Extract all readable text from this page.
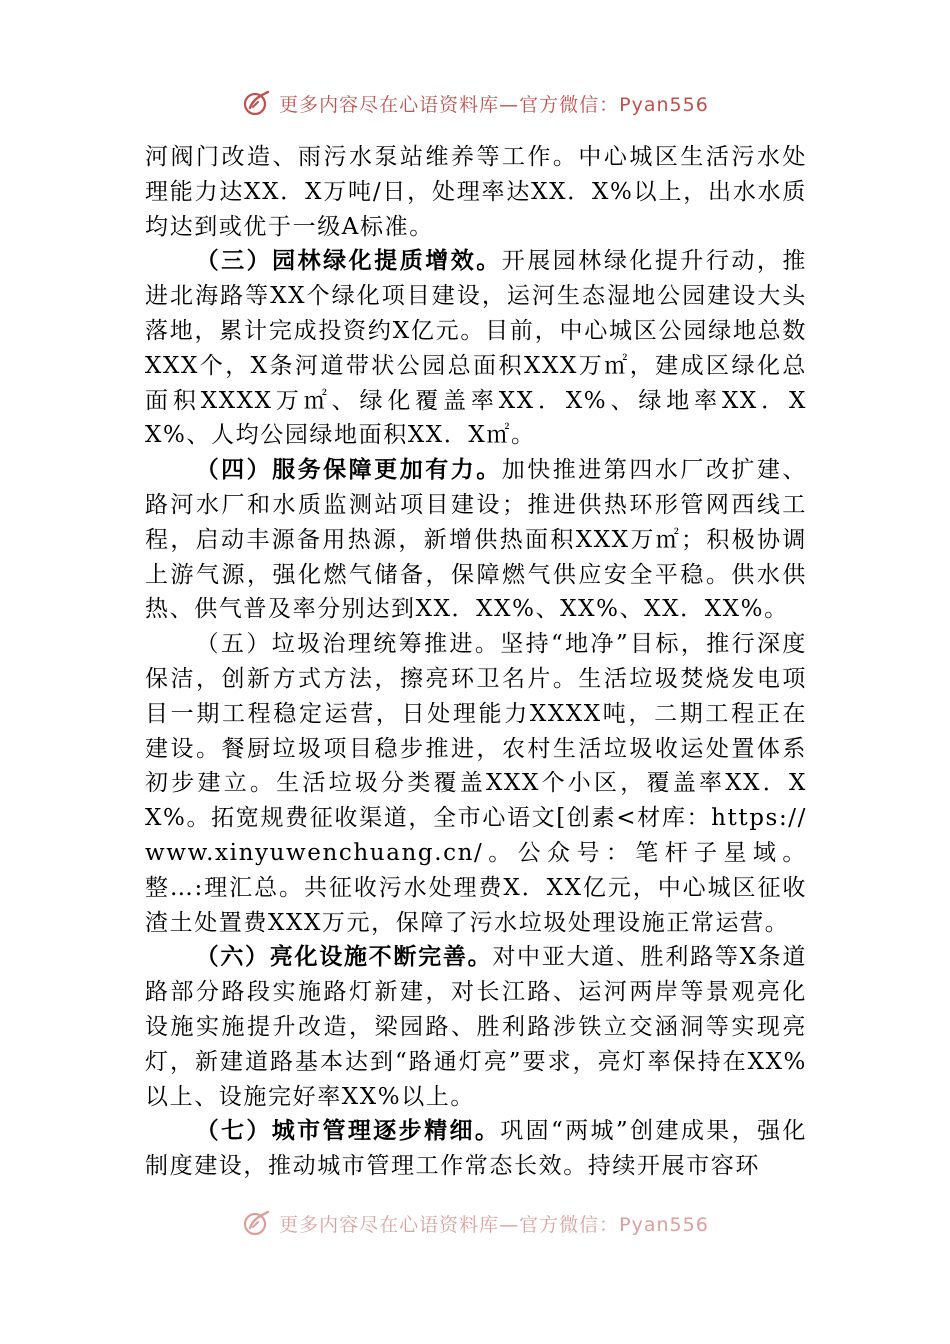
更多内容尽在心语资料库—官方微信：Pyan556

河阀门改造、雨污水泵站维养等工作。中心城区生活污水处理能力达XX．X万吨/日，处理率达XX．X%以上，出水水质均达到或优于一级A标准。

（三）园林绿化提质增效。开展园林绿化提升行动，推进北海路等XX个绿化项目建设，运河生态湿地公园建设大头落地，累计完成投资约X亿元。目前，中心城区公园绿地总数XXX个，X条河道带状公园总面积XXX万㎡，建成区绿化总面积XXXX万㎡、绿化覆盖率XX．X%、绿地率XX．XX%、人均公园绿地面积XX．X㎡。

（四）服务保障更加有力。加快推进第四水厂改扩建、路河水厂和水质监测站项目建设；推进供热环形管网西线工程，启动丰源备用热源，新增供热面积XXX万㎡；积极协调上游气源，强化燃气储备，保障燃气供应安全平稳。供水供热、供气普及率分别达到XX．XX%、XX%、XX．XX%。

（五）垃圾治理统筹推进。坚持“地净”目标，推行深度保洁，创新方式方法，擦亮环卫名片。生活垃圾焚烧发电项目一期工程稳定运营，日处理能力XXXX吨，二期工程正在建设。餐厨垃圾项目稳步推进，农村生活垃圾收运处置体系初步建立。生活垃圾分类覆盖XXX个小区，覆盖率XX．XX%。拓宽规费征收渠道，全市心语文[创素<材库：https://www.xinyuwenchuang.cn/。公众号：笔杆子星域。整…:理汇总。共征收污水处理费X．XX亿元，中心城区征收渣土处置费XXX万元，保障了污水垃圾处理设施正常运营。

（六）亮化设施不断完善。对中亚大道、胜利路等X条道路部分路段实施路灯新建，对长江路、运河两岸等景观亮化设施实施提升改造，梁园路、胜利路涉铁立交涵洞等实现亮灯，新建道路基本达到“路通灯亮”要求，亮灯率保持在XX%以上、设施完好率XX%以上。

（七）城市管理逐步精细。巩固“两城”创建成果，强化制度建设，推动城市管理工作常态长效。持续开展市容环

更多内容尽在心语资料库—官方微信：Pyan556
